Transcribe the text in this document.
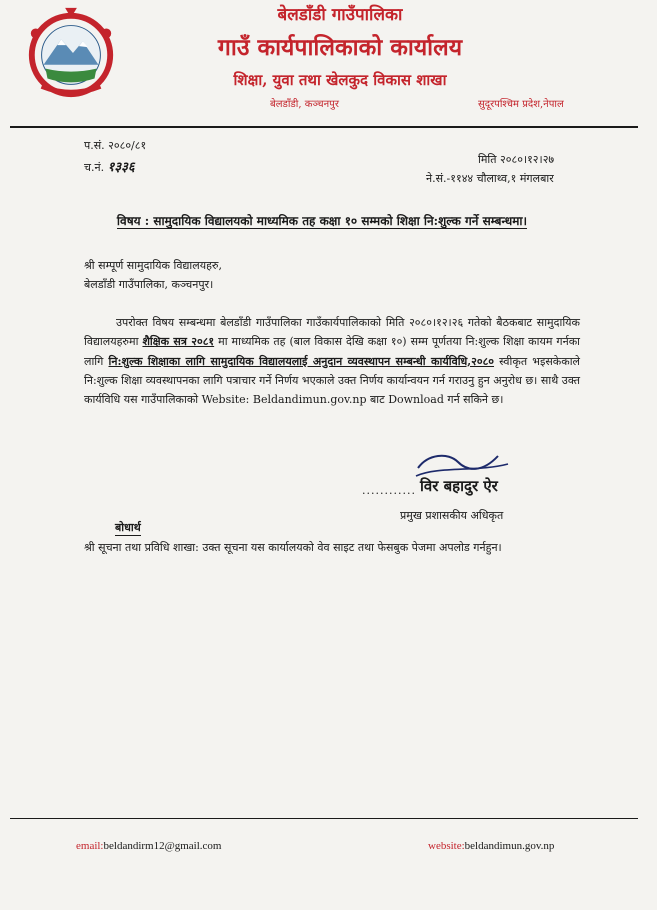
बेलडाँडी गाउँपालिका
गाउँ कार्यपालिकाको कार्यालय
शिक्षा, युवा तथा खेलकुद विकास शाखा
बेलडाँडी, कञ्चनपुर	सुदूरपश्चिम प्रदेश,नेपाल
प.सं. २०८०/८१
च.नं. १३३६
मिति २०८०।१२।२७
ने.सं.-११४४ चौलाथ्व,१ मंगलबार
विषय : सामुदायिक विद्यालयको माध्यमिक तह कक्षा १० सम्मको शिक्षा नि:शुल्क गर्ने सम्बन्धमा।
श्री सम्पूर्ण सामुदायिक विद्यालयहरु,
बेलडाँडी गाउँपालिका, कञ्चनपुर।

उपरोक्त विषय सम्बन्धमा बेलडाँडी गाउँपालिका गाउँकार्यपालिकाको मिति २०८०।१२।२६ गतेको बैठकबाट सामुदायिक विद्यालयहरुमा शैक्षिक सत्र २०८१ मा माध्यमिक तह (बाल विकास देखि कक्षा १०) सम्म पूर्णतया नि:शुल्क शिक्षा कायम गर्नका लागि नि:शुल्क शिक्षाका लागि सामुदायिक विद्यालयलाई अनुदान व्यवस्थापन सम्बन्धी कार्यविधि,२०८० स्वीकृत भइसकेकाले नि:शुल्क शिक्षा व्यवस्थापनका लागि पत्राचार गर्ने निर्णय भएकाले उक्त निर्णय कार्यान्वयन गर्न गराउनु हुन अनुरोध छ। साथै उक्त कार्यविधि यस गाउँपालिकाको Website: Beldandimun.gov.np बाट Download गर्न सकिने छ।

............ विर बहादुर ऐर
प्रमुख प्रशासकीय अधिकृत
बोधार्थ
श्री सूचना तथा प्रविधि शाखा: उक्त सूचना यस कार्यालयको वेव साइट तथा फेसबुक पेजमा अपलोड गर्नहुन।
email:beldandirm12@gmail.com	website:beldandimun.gov.np
